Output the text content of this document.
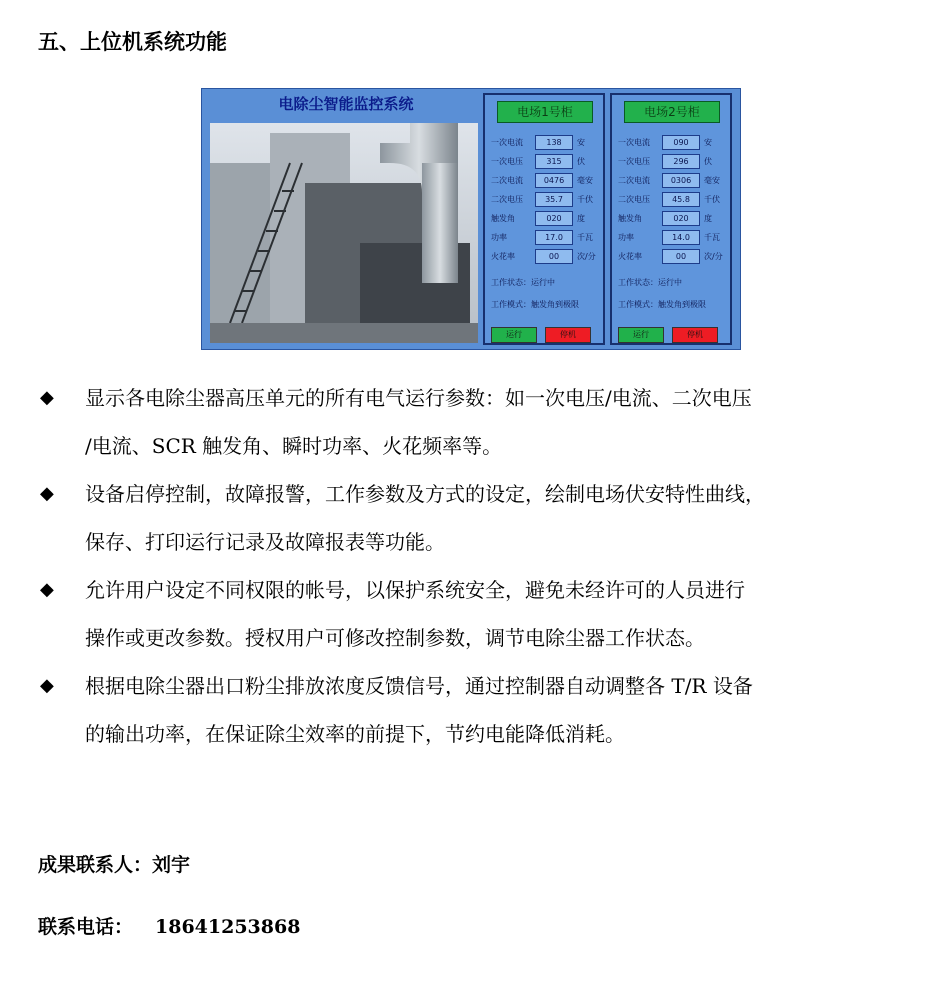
五、上位机系统功能
电除尘智能监控系统	电场1号柜
一次电流	138	安
一次电压	315	伏
二次电流	0476	毫安
二次电压	35.7	千伏
触发角	020	度
功率	17.0	千瓦
火花率	00	次/分
工作状态：运行中
工作模式：触发角到极限
运行	停机
电场2号柜
一次电流	090	安
一次电压	296	伏
二次电流	0306	毫安
二次电压	45.8	千伏
触发角	020	度
功率	14.0	千瓦
火花率	00	次/分
工作状态：运行中
工作模式：触发角到极限
运行	停机
◆ 显示各电除尘器高压单元的所有电气运行参数：如一次电压/电流、二次电压
/电流、SCR 触发角、瞬时功率、火花频率等。
◆ 设备启停控制，故障报警，工作参数及方式的设定，绘制电场伏安特性曲线，
保存、打印运行记录及故障报表等功能。
◆ 允许用户设定不同权限的帐号，以保护系统安全，避免未经许可的人员进行
操作或更改参数。授权用户可修改控制参数，调节电除尘器工作状态。
◆ 根据电除尘器出口粉尘排放浓度反馈信号，通过控制器自动调整各 T/R 设备
的输出功率，在保证除尘效率的前提下，节约电能降低消耗。
成果联系人：刘宇
联系电话： 18641253868
